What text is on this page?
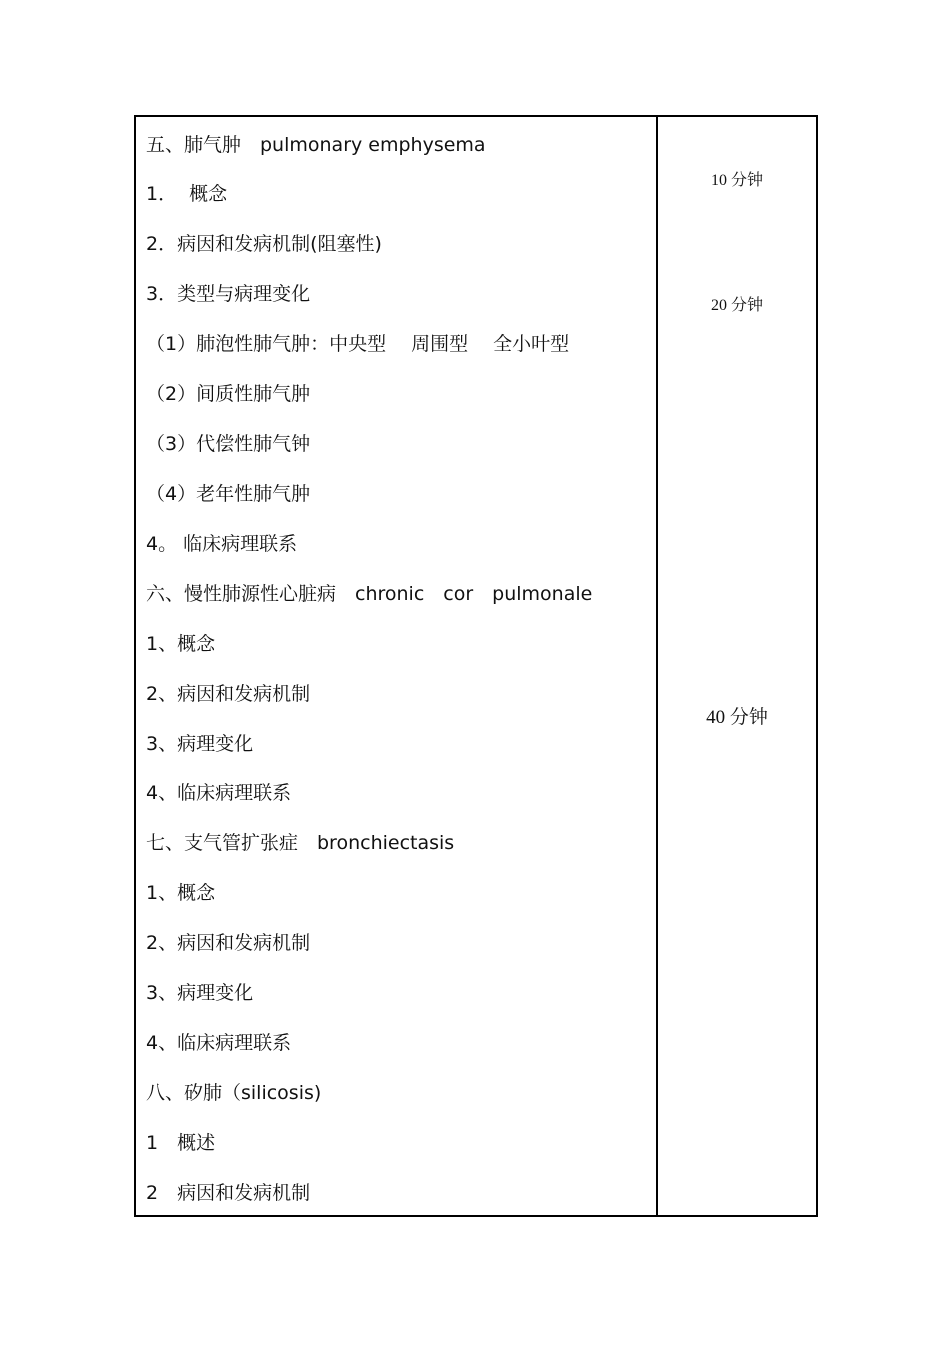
五、肺气肿　pulmonary emphysema
1．  概念
2．病因和发病机制(阻塞性)
3．类型与病理变化
（1）肺泡性肺气肿：中央型　 周围型　 全小叶型
（2）间质性肺气肿
（3）代偿性肺气钟
（4）老年性肺气肿
4。 临床病理联系
六、慢性肺源性心脏病　chronic　cor　pulmonale
1、概念
2、病因和发病机制
3、病理变化
4、临床病理联系
七、支气管扩张症　bronchiectasis
1、概念
2、病因和发病机制
3、病理变化
4、临床病理联系
八、矽肺（silicosis)
1　概述
2　病因和发病机制
10 分钟
20 分钟
40 分钟
